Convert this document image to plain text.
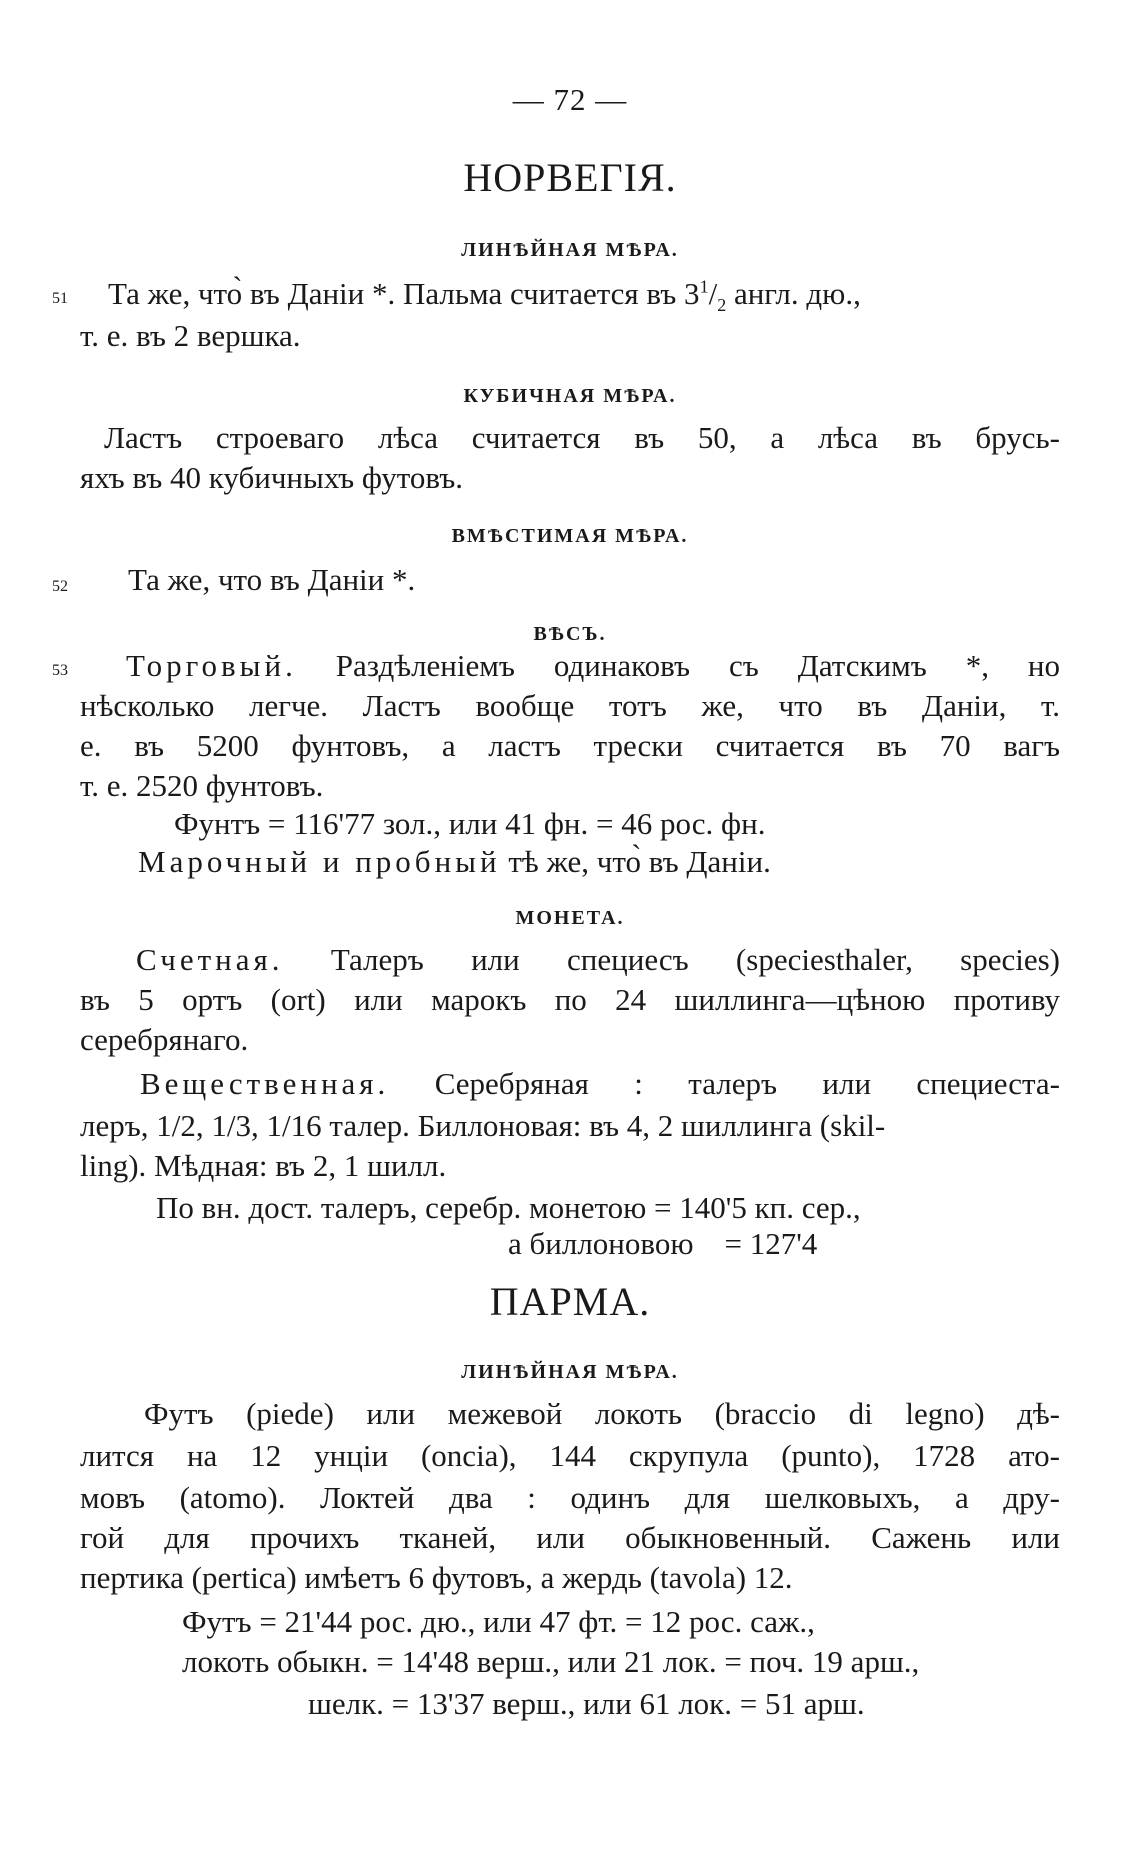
— 72 —
НОРВЕГІЯ.
ЛИНѢЙНАЯ МѢРА.
51 Та же, что̀ въ Даніи *. Пальма считается въ $3^1/_2$ англ. дю.,
т. е. въ 2 вершка.
КУБИЧНАЯ МѢРА.
Ластъ строеваго лѣса считается въ 50, а лѣса въ брусь-
яхъ въ 40 кубичныхъ футовъ.
ВМѢСТИМАЯ МѢРА.
52 Та же, что въ Даніи *.
ВѢСЪ.
53 Торговый. Раздѣленіемъ одинаковъ съ Датскимъ *, но
нѣсколько легче. Ластъ вообще тотъ же, что въ Даніи, т.
е. въ 5200 фунтовъ, а ластъ трески считается въ 70 вагъ
т. е. 2520 фунтовъ.
Фунтъ = 116'77 зол., или 41 фн. = 46 рос. фн.
Марочный и пробный тѣ же, что̀ въ Даніи.
МОНЕТА.
Счетная. Талеръ или специесъ (speciesthaler, species)
въ 5 ортъ (ort) или марокъ по 24 шиллинга—цѣною противу
серебрянаго.
Вещественная. Серебряная : талеръ или специеста-
леръ, 1/2, 1/3, 1/16 талер. Биллоновая: въ 4, 2 шиллинга (skil-
ling). Мѣдная: въ 2, 1 шилл.
По вн. дост. талеръ, серебр. монетою = 140'5 кп. сер.,
а биллоновою    = 127'4
ПАРМА.
ЛИНѢЙНАЯ МѢРА.
Футъ (piede) или межевой локоть (braccio di legno) дѣ-
лится на 12 унціи (oncia), 144 скрупула (punto), 1728 ато-
мовъ (atomo). Локтей два : одинъ для шелковыхъ, а дру-
гой для прочихъ тканей, или обыкновенный. Сажень или
пертика (pertica) имѣетъ 6 футовъ, а жердь (tavola) 12.
Футъ = 21'44 рос. дю., или 47 фт. = 12 рос. саж.,
локоть обыкн. = 14'48 верш., или 21 лок. = поч. 19 арш.,
шелк. = 13'37 верш., или 61 лок. = 51 арш.
